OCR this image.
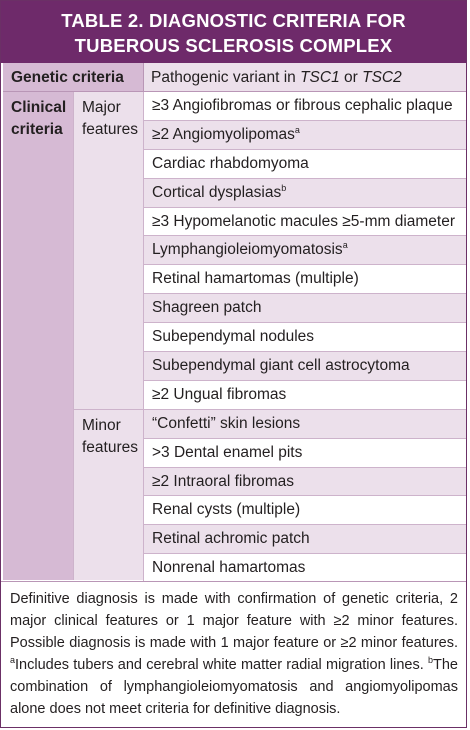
TABLE 2. DIAGNOSTIC CRITERIA FOR
TUBEROUS SCLEROSIS COMPLEX
Genetic criteria	Pathogenic variant in TSC1 or TSC2
Clinical
criteria
Major
features
Minor
features
≥3 Angiofibromas or fibrous cephalic plaque
≥2 Angiomyolipomas$^a$
Cardiac rhabdomyoma
Cortical dysplasias$^b$
≥3 Hypomelanotic macules ≥5-mm diameter
Lymphangioleiomyomatosis$^a$
Retinal hamartomas (multiple)
Shagreen patch
Subependymal nodules
Subependymal giant cell astrocytoma
≥2 Ungual fibromas
“Confetti” skin lesions
>3 Dental enamel pits
≥2 Intraoral fibromas
Renal cysts (multiple)
Retinal achromic patch
Nonrenal hamartomas
Definitive diagnosis is made with confirmation of genetic criteria, 2 major clinical features or 1 major feature with ≥2 minor features. Possible diagnosis is made with 1 major feature or ≥2 minor features. $^a$Includes tubers and cerebral white matter radial migration lines. $^b$The combination of lymphangioleiomyomatosis and angiomyolipomas alone does not meet criteria for definitive diagnosis.
